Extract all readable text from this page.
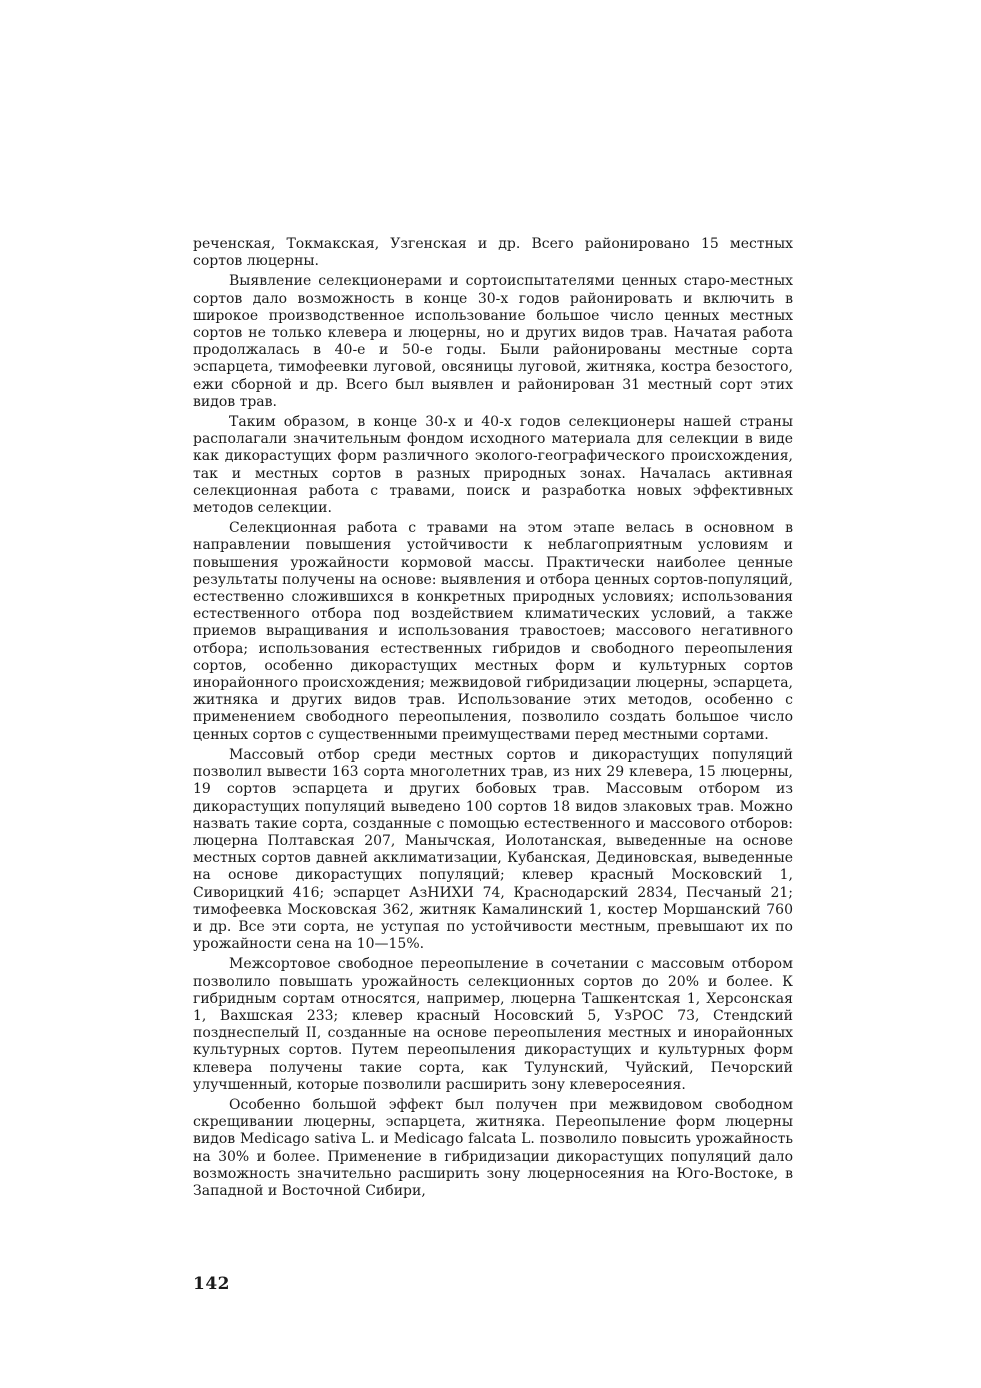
реченская, Токмакская, Узгенская и др. Всего районировано 15 местных сортов люцерны.

Выявление селекционерами и сортоиспытателями ценных старо-местных сортов дало возможность в конце 30-х годов районировать и включить в широкое производственное использование большое число ценных местных сортов не только клевера и люцерны, но и других видов трав. Начатая работа продолжалась в 40-е и 50-е годы. Были районированы местные сорта эспарцета, тимофеевки луговой, овсяницы луговой, житняка, костра безостого, ежи сборной и др. Всего был выявлен и районирован 31 местный сорт этих видов трав.

Таким образом, в конце 30-х и 40-х годов селекционеры нашей страны располагали значительным фондом исходного материала для селекции в виде как дикорастущих форм различного эколого-географического происхождения, так и местных сортов в разных природных зонах. Началась активная селекционная работа с травами, поиск и разработка новых эффективных методов селекции.

Селекционная работа с травами на этом этапе велась в основном в направлении повышения устойчивости к неблагоприятным условиям и повышения урожайности кормовой массы. Практически наиболее ценные результаты получены на основе: выявления и отбора ценных сортов-популяций, естественно сложившихся в конкретных природных условиях; использования естественного отбора под воздействием климатических условий, а также приемов выращивания и использования травостоев; массового негативного отбора; использования естественных гибридов и свободного переопыления сортов, особенно дикорастущих местных форм и культурных сортов инорайонного происхождения; межвидовой гибридизации люцерны, эспарцета, житняка и других видов трав. Использование этих методов, особенно с применением свободного переопыления, позволило создать большое число ценных сортов с существенными преимуществами перед местными сортами.

Массовый отбор среди местных сортов и дикорастущих популяций позволил вывести 163 сорта многолетних трав, из них 29 клевера, 15 люцерны, 19 сортов эспарцета и других бобовых трав. Массовым отбором из дикорастущих популяций выведено 100 сортов 18 видов злаковых трав. Можно назвать такие сорта, созданные с помощью естественного и массового отборов: люцерна Полтавская 207, Манычская, Иолотанская, выведенные на основе местных сортов давней акклиматизации, Кубанская, Дединовская, выведенные на основе дикорастущих популяций; клевер красный Московский 1, Сиворицкий 416; эспарцет АзНИХИ 74, Краснодарский 2834, Песчаный 21; тимофеевка Московская 362, житняк Камалинский 1, костер Моршанский 760 и др. Все эти сорта, не уступая по устойчивости местным, превышают их по урожайности сена на 10—15%.

Межсортовое свободное переопыление в сочетании с массовым отбором позволило повышать урожайность селекционных сортов до 20% и более. К гибридным сортам относятся, например, люцерна Ташкентская 1, Херсонская 1, Вахшская 233; клевер красный Носовский 5, УзРОС 73, Стендский позднеспелый II, созданные на основе переопыления местных и инорайонных культурных сортов. Путем переопыления дикорастущих и культурных форм клевера получены такие сорта, как Тулунский, Чуйский, Печорский улучшенный, которые позволили расширить зону клеверосеяния.

Особенно большой эффект был получен при межвидовом свободном скрещивании люцерны, эспарцета, житняка. Переопыление форм люцерны видов Medicago sativa L. и Medicago falcata L. позволило повысить урожайность на 30% и более. Применение в гибридизации дикорастущих популяций дало возможность значительно расширить зону люцерносеяния на Юго-Востоке, в Западной и Восточной Сибири,

142
